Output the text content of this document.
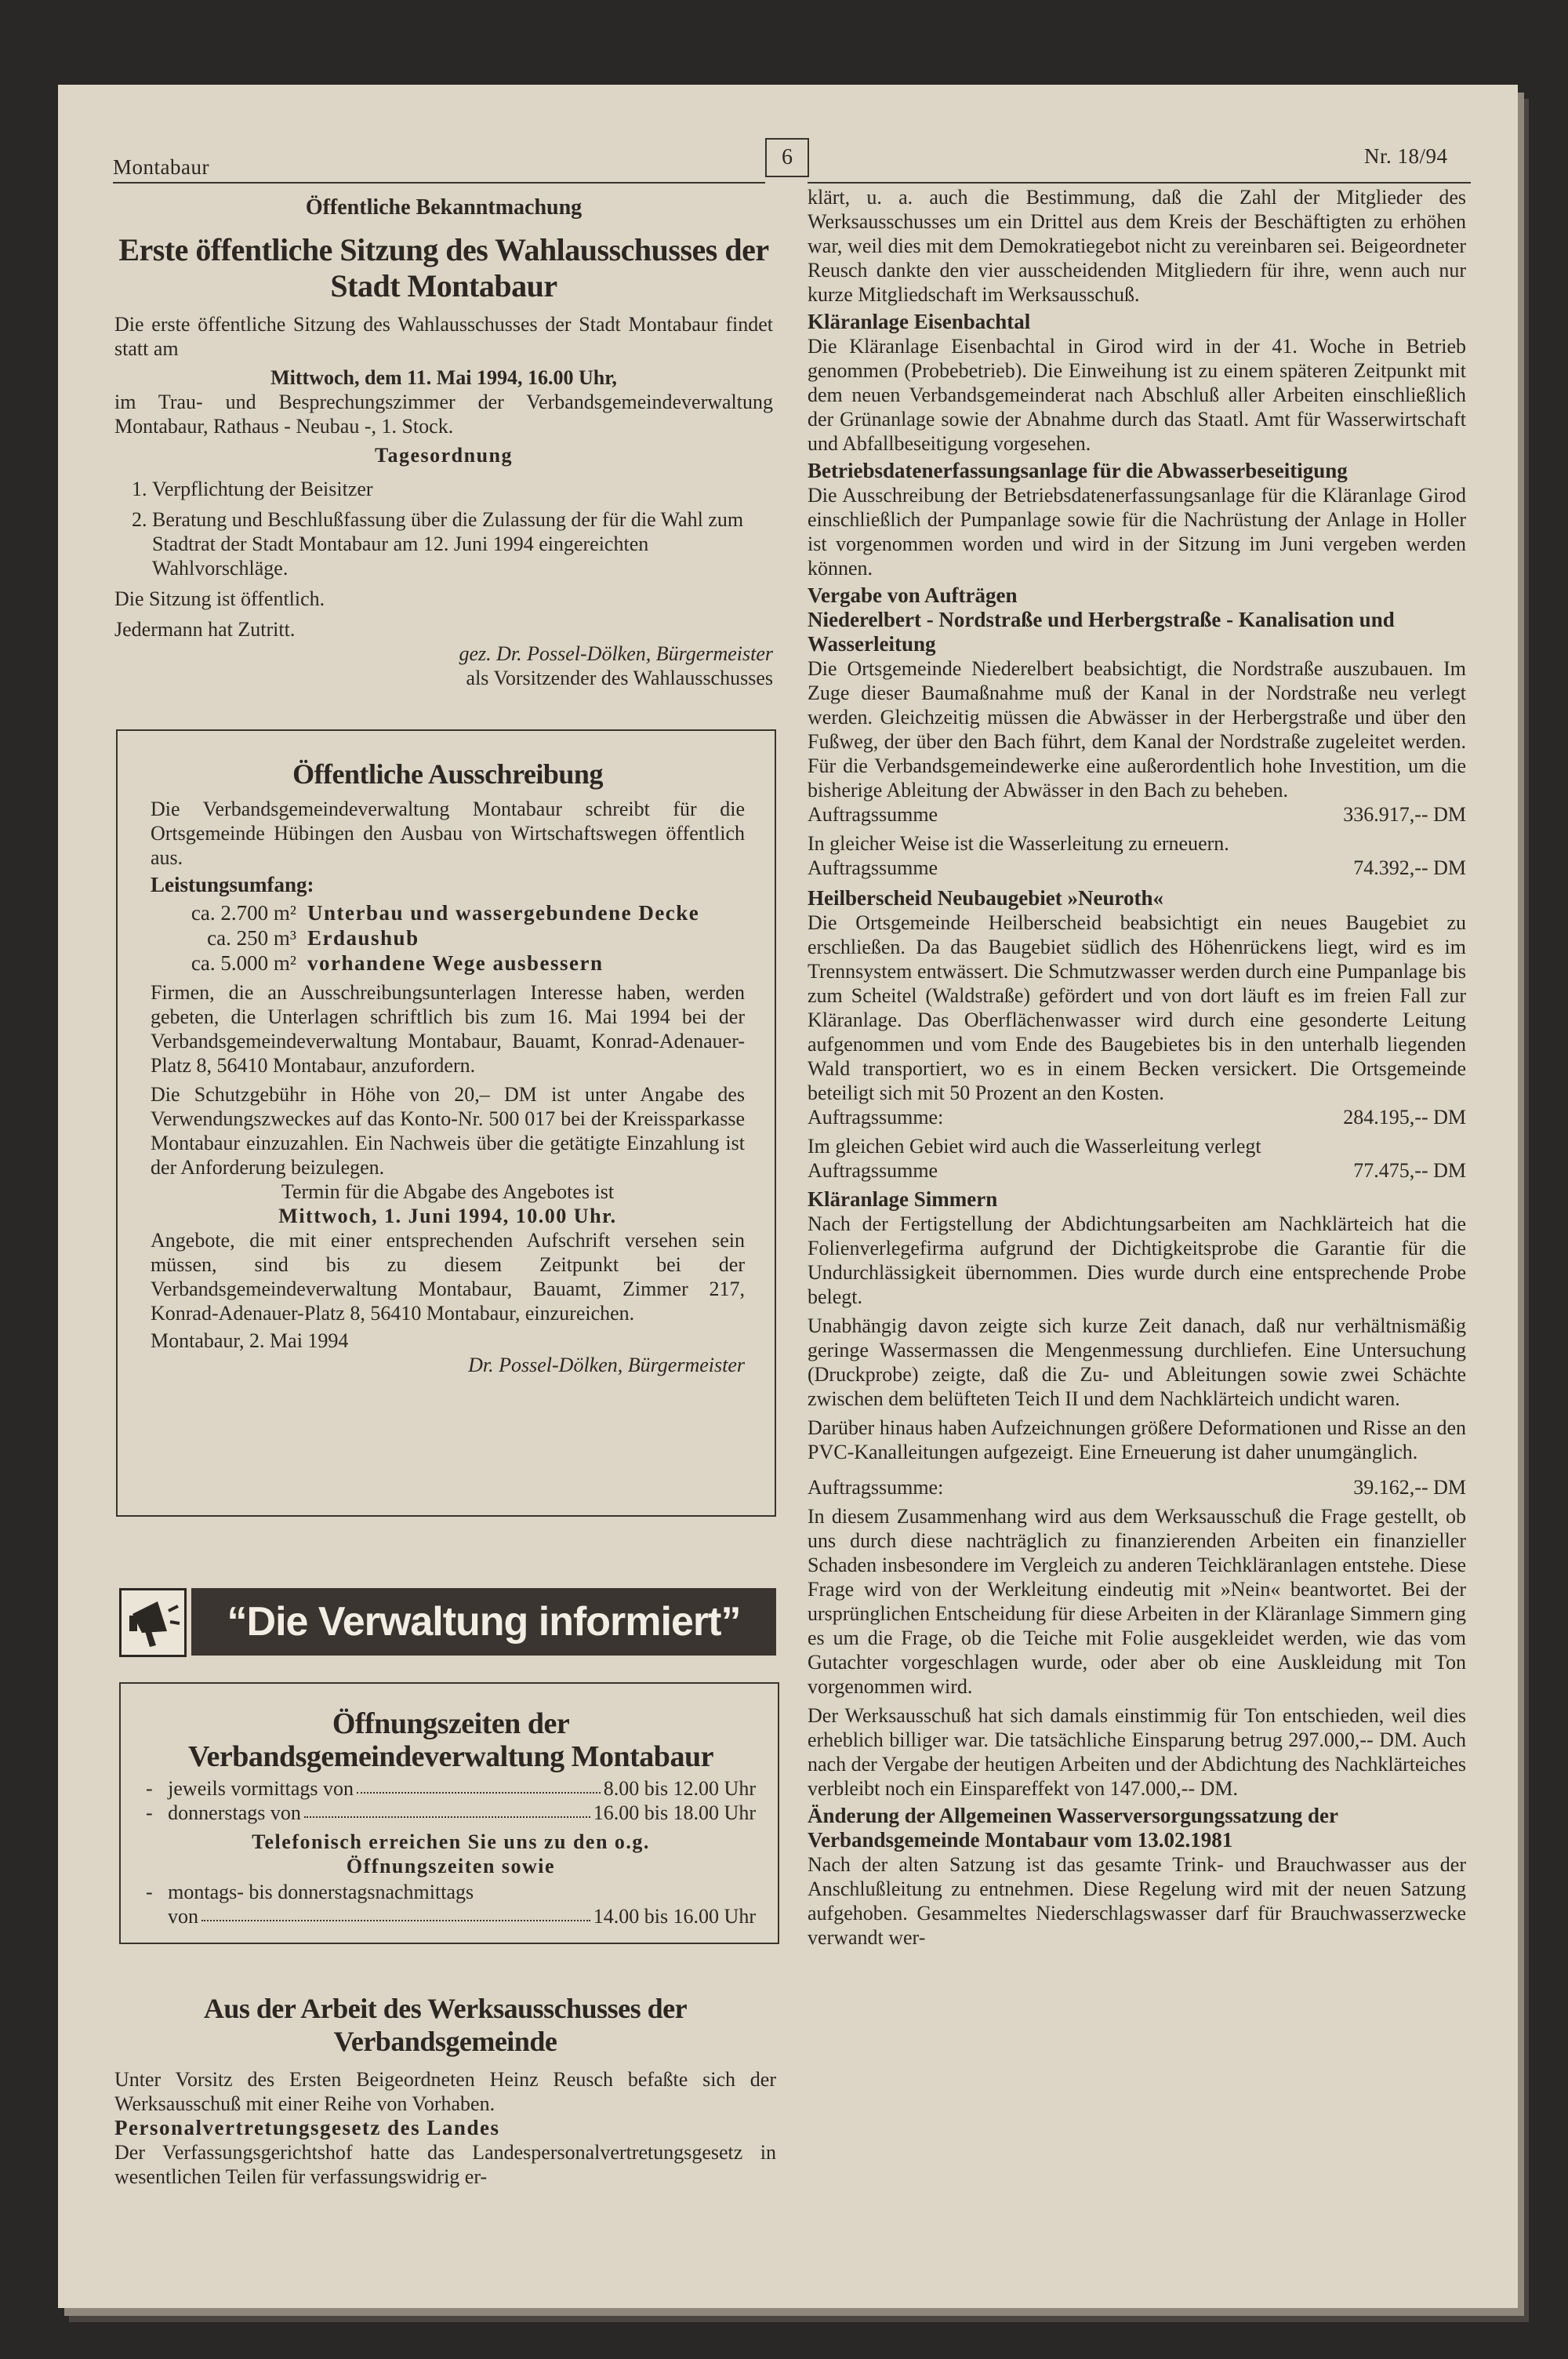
Montabaur	6	Nr. 18/94

Öffentliche Bekanntmachung

Erste öffentliche Sitzung des Wahlausschusses der Stadt Montabaur

Die erste öffentliche Sitzung des Wahlausschusses der Stadt Montabaur findet statt am

Mittwoch, dem 11. Mai 1994, 16.00 Uhr,

im Trau- und Besprechungszimmer der Verbandsgemeindeverwaltung Montabaur, Rathaus - Neubau -, 1. Stock.

Tagesordnung

1. Verpflichtung der Beisitzer
2. Beratung und Beschlußfassung über die Zulassung der für die Wahl zum Stadtrat der Stadt Montabaur am 12. Juni 1994 eingereichten Wahlvorschläge.

Die Sitzung ist öffentlich.

Jedermann hat Zutritt.

gez. Dr. Possel-Dölken, Bürgermeister

als Vorsitzender des Wahlausschusses

Öffentliche Ausschreibung

Die Verbandsgemeindeverwaltung Montabaur schreibt für die Ortsgemeinde Hübingen den Ausbau von Wirtschaftswegen öffentlich aus.

Leistungsumfang:

ca. 2.700 m² Unterbau und wassergebundene Decke
ca. 250 m³ Erdaushub
ca. 5.000 m² vorhandene Wege ausbessern

Firmen, die an Ausschreibungsunterlagen Interesse haben, werden gebeten, die Unterlagen schriftlich bis zum 16. Mai 1994 bei der Verbandsgemeindeverwaltung Montabaur, Bauamt, Konrad-Adenauer-Platz 8, 56410 Montabaur, anzufordern.

Die Schutzgebühr in Höhe von 20,– DM ist unter Angabe des Verwendungszweckes auf das Konto-Nr. 500 017 bei der Kreissparkasse Montabaur einzuzahlen. Ein Nachweis über die getätigte Einzahlung ist der Anforderung beizulegen.

Termin für die Abgabe des Angebotes ist

Mittwoch, 1. Juni 1994, 10.00 Uhr.

Angebote, die mit einer entsprechenden Aufschrift versehen sein müssen, sind bis zu diesem Zeitpunkt bei der Verbandsgemeindeverwaltung Montabaur, Bauamt, Zimmer 217, Konrad-Adenauer-Platz 8, 56410 Montabaur, einzureichen.

Montabaur, 2. Mai 1994

Dr. Possel-Dölken, Bürgermeister

“Die Verwaltung informiert”

Öffnungszeiten der Verbandsgemeindeverwaltung Montabaur

- jeweils vormittags von	8.00 bis 12.00 Uhr
- donnerstags von	16.00 bis 18.00 Uhr

Telefonisch erreichen Sie uns zu den o.g. Öffnungszeiten sowie

- montags- bis donnerstagsnachmittags
von	14.00 bis 16.00 Uhr

Aus der Arbeit des Werksausschusses der Verbandsgemeinde

Unter Vorsitz des Ersten Beigeordneten Heinz Reusch befaßte sich der Werksausschuß mit einer Reihe von Vorhaben.

Personalvertretungsgesetz des Landes

Der Verfassungsgerichtshof hatte das Landespersonalvertretungsgesetz in wesentlichen Teilen für verfassungswidrig er-

klärt, u. a. auch die Bestimmung, daß die Zahl der Mitglieder des Werksausschusses um ein Drittel aus dem Kreis der Beschäftigten zu erhöhen war, weil dies mit dem Demokratiegebot nicht zu vereinbaren sei. Beigeordneter Reusch dankte den vier ausscheidenden Mitgliedern für ihre, wenn auch nur kurze Mitgliedschaft im Werksausschuß.

Kläranlage Eisenbachtal

Die Kläranlage Eisenbachtal in Girod wird in der 41. Woche in Betrieb genommen (Probebetrieb). Die Einweihung ist zu einem späteren Zeitpunkt mit dem neuen Verbandsgemeinderat nach Abschluß aller Arbeiten einschließlich der Grünanlage sowie der Abnahme durch das Staatl. Amt für Wasserwirtschaft und Abfallbeseitigung vorgesehen.

Betriebsdatenerfassungsanlage für die Abwasserbeseitigung

Die Ausschreibung der Betriebsdatenerfassungsanlage für die Kläranlage Girod einschließlich der Pumpanlage sowie für die Nachrüstung der Anlage in Holler ist vorgenommen worden und wird in der Sitzung im Juni vergeben werden können.

Vergabe von Aufträgen

Niederelbert - Nordstraße und Herbergstraße - Kanalisation und Wasserleitung

Die Ortsgemeinde Niederelbert beabsichtigt, die Nordstraße auszubauen. Im Zuge dieser Baumaßnahme muß der Kanal in der Nordstraße neu verlegt werden. Gleichzeitig müssen die Abwässer in der Herbergstraße und über den Fußweg, der über den Bach führt, dem Kanal der Nordstraße zugeleitet werden. Für die Verbandsgemeindewerke eine außerordentlich hohe Investition, um die bisherige Ableitung der Abwässer in den Bach zu beheben.

Auftragssumme	336.917,-- DM

In gleicher Weise ist die Wasserleitung zu erneuern.

Auftragssumme	74.392,-- DM

Heilberscheid Neubaugebiet »Neuroth«

Die Ortsgemeinde Heilberscheid beabsichtigt ein neues Baugebiet zu erschließen. Da das Baugebiet südlich des Höhenrückens liegt, wird es im Trennsystem entwässert. Die Schmutzwasser werden durch eine Pumpanlage bis zum Scheitel (Waldstraße) gefördert und von dort läuft es im freien Fall zur Kläranlage. Das Oberflächenwasser wird durch eine gesonderte Leitung aufgenommen und vom Ende des Baugebietes bis in den unterhalb liegenden Wald transportiert, wo es in einem Becken versickert. Die Ortsgemeinde beteiligt sich mit 50 Prozent an den Kosten.

Auftragssumme:	284.195,-- DM

Im gleichen Gebiet wird auch die Wasserleitung verlegt

Auftragssumme	77.475,-- DM

Kläranlage Simmern

Nach der Fertigstellung der Abdichtungsarbeiten am Nachklärteich hat die Folienverlegefirma aufgrund der Dichtigkeitsprobe die Garantie für die Undurchlässigkeit übernommen. Dies wurde durch eine entsprechende Probe belegt.

Unabhängig davon zeigte sich kurze Zeit danach, daß nur verhältnismäßig geringe Wassermassen die Mengenmessung durchliefen. Eine Untersuchung (Druckprobe) zeigte, daß die Zu- und Ableitungen sowie zwei Schächte zwischen dem belüfteten Teich II und dem Nachklärteich undicht waren.

Darüber hinaus haben Aufzeichnungen größere Deformationen und Risse an den PVC-Kanalleitungen aufgezeigt. Eine Erneuerung ist daher unumgänglich.

Auftragssumme:	39.162,-- DM

In diesem Zusammenhang wird aus dem Werksausschuß die Frage gestellt, ob uns durch diese nachträglich zu finanzierenden Arbeiten ein finanzieller Schaden insbesondere im Vergleich zu anderen Teichkläranlagen entstehe. Diese Frage wird von der Werkleitung eindeutig mit »Nein« beantwortet. Bei der ursprünglichen Entscheidung für diese Arbeiten in der Kläranlage Simmern ging es um die Frage, ob die Teiche mit Folie ausgekleidet werden, wie das vom Gutachter vorgeschlagen wurde, oder aber ob eine Auskleidung mit Ton vorgenommen wird.

Der Werksausschuß hat sich damals einstimmig für Ton entschieden, weil dies erheblich billiger war. Die tatsächliche Einsparung betrug 297.000,-- DM. Auch nach der Vergabe der heutigen Arbeiten und der Abdichtung des Nachklärteiches verbleibt noch ein Einspareffekt von 147.000,-- DM.

Änderung der Allgemeinen Wasserversorgungssatzung der Verbandsgemeinde Montabaur vom 13.02.1981

Nach der alten Satzung ist das gesamte Trink- und Brauchwasser aus der Anschlußleitung zu entnehmen. Diese Regelung wird mit der neuen Satzung aufgehoben. Gesammeltes Niederschlagswasser darf für Brauchwasserzwecke verwandt wer-
